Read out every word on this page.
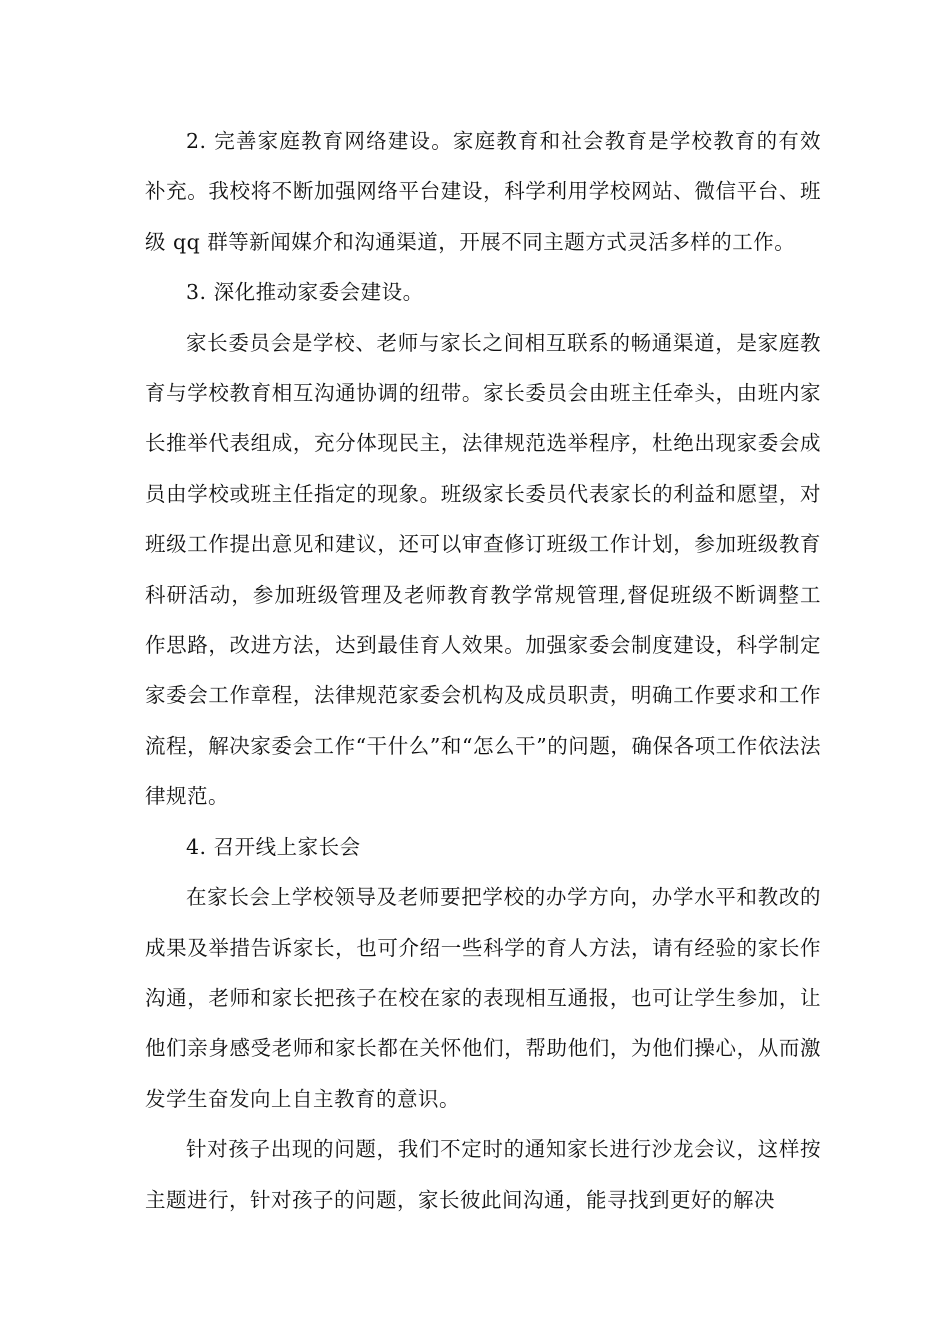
2. 完善家庭教育网络建设。家庭教育和社会教育是学校教育的有效补充。我校将不断加强网络平台建设，科学利用学校网站、微信平台、班级 qq 群等新闻媒介和沟通渠道，开展不同主题方式灵活多样的工作。

3. 深化推动家委会建设。

家长委员会是学校、老师与家长之间相互联系的畅通渠道，是家庭教育与学校教育相互沟通协调的纽带。家长委员会由班主任牵头，由班内家长推举代表组成，充分体现民主，法律规范选举程序，杜绝出现家委会成员由学校或班主任指定的现象。班级家长委员代表家长的利益和愿望，对班级工作提出意见和建议，还可以审查修订班级工作计划，参加班级教育科研活动，参加班级管理及老师教育教学常规管理,督促班级不断调整工作思路，改进方法，达到最佳育人效果。加强家委会制度建设，科学制定家委会工作章程，法律规范家委会机构及成员职责，明确工作要求和工作流程，解决家委会工作“干什么”和“怎么干”的问题，确保各项工作依法法律规范。

4. 召开线上家长会

在家长会上学校领导及老师要把学校的办学方向，办学水平和教改的成果及举措告诉家长，也可介绍一些科学的育人方法，请有经验的家长作沟通，老师和家长把孩子在校在家的表现相互通报，也可让学生参加，让他们亲身感受老师和家长都在关怀他们，帮助他们，为他们操心，从而激发学生奋发向上自主教育的意识。

针对孩子出现的问题，我们不定时的通知家长进行沙龙会议，这样按主题进行，针对孩子的问题，家长彼此间沟通，能寻找到更好的解决
